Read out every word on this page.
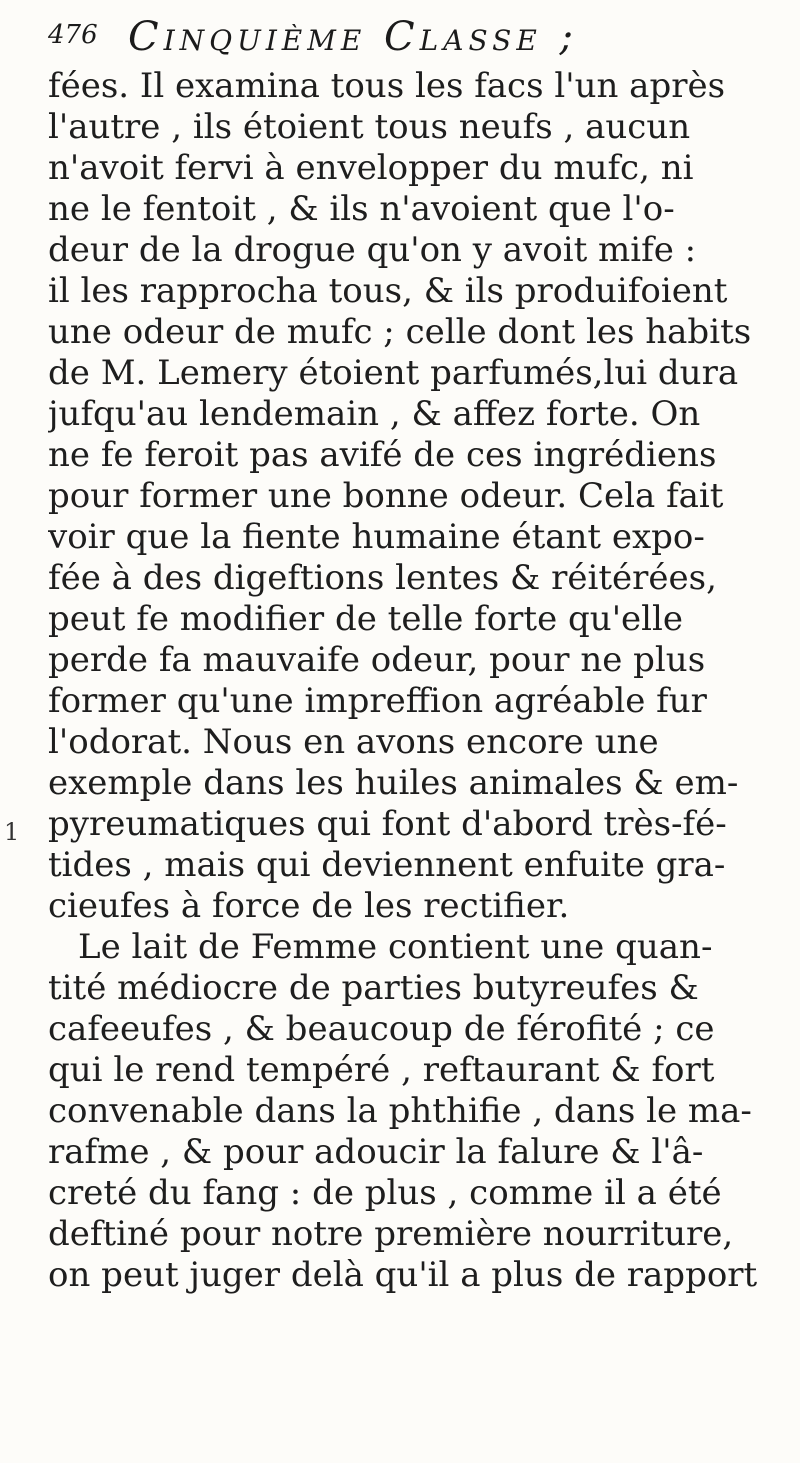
476 Cinquième Classe ;
1
fées. Il examina tous les facs l'un après
l'autre , ils étoient tous neufs , aucun
n'avoit fervi à envelopper du mufc, ni
ne le fentoit , & ils n'avoient que l'o-
deur de la drogue qu'on y avoit mife :
il les rapprocha tous, & ils produifoient
une odeur de mufc ; celle dont les habits
de M. Lemery étoient parfumés,lui dura
jufqu'au lendemain , & affez forte. On
ne fe feroit pas avifé de ces ingrédiens
pour former une bonne odeur. Cela fait
voir que la fiente humaine étant expo-
fée à des digeftions lentes & réitérées,
peut fe modifier de telle forte qu'elle
perde fa mauvaife odeur, pour ne plus
former qu'une impreffion agréable fur
l'odorat. Nous en avons encore une
exemple dans les huiles animales & em-
pyreumatiques qui font d'abord très-fé-
tides , mais qui deviennent enfuite gra-
cieufes à force de les rectifier.
Le lait de Femme contient une quan-
tité médiocre de parties butyreufes &
cafeeufes , & beaucoup de férofité ; ce
qui le rend tempéré , reftaurant & fort
convenable dans la phthifie , dans le ma-
rafme , & pour adoucir la falure & l'â-
creté du fang : de plus , comme il a été
deftiné pour notre première nourriture,
on peut juger delà qu'il a plus de rapport
